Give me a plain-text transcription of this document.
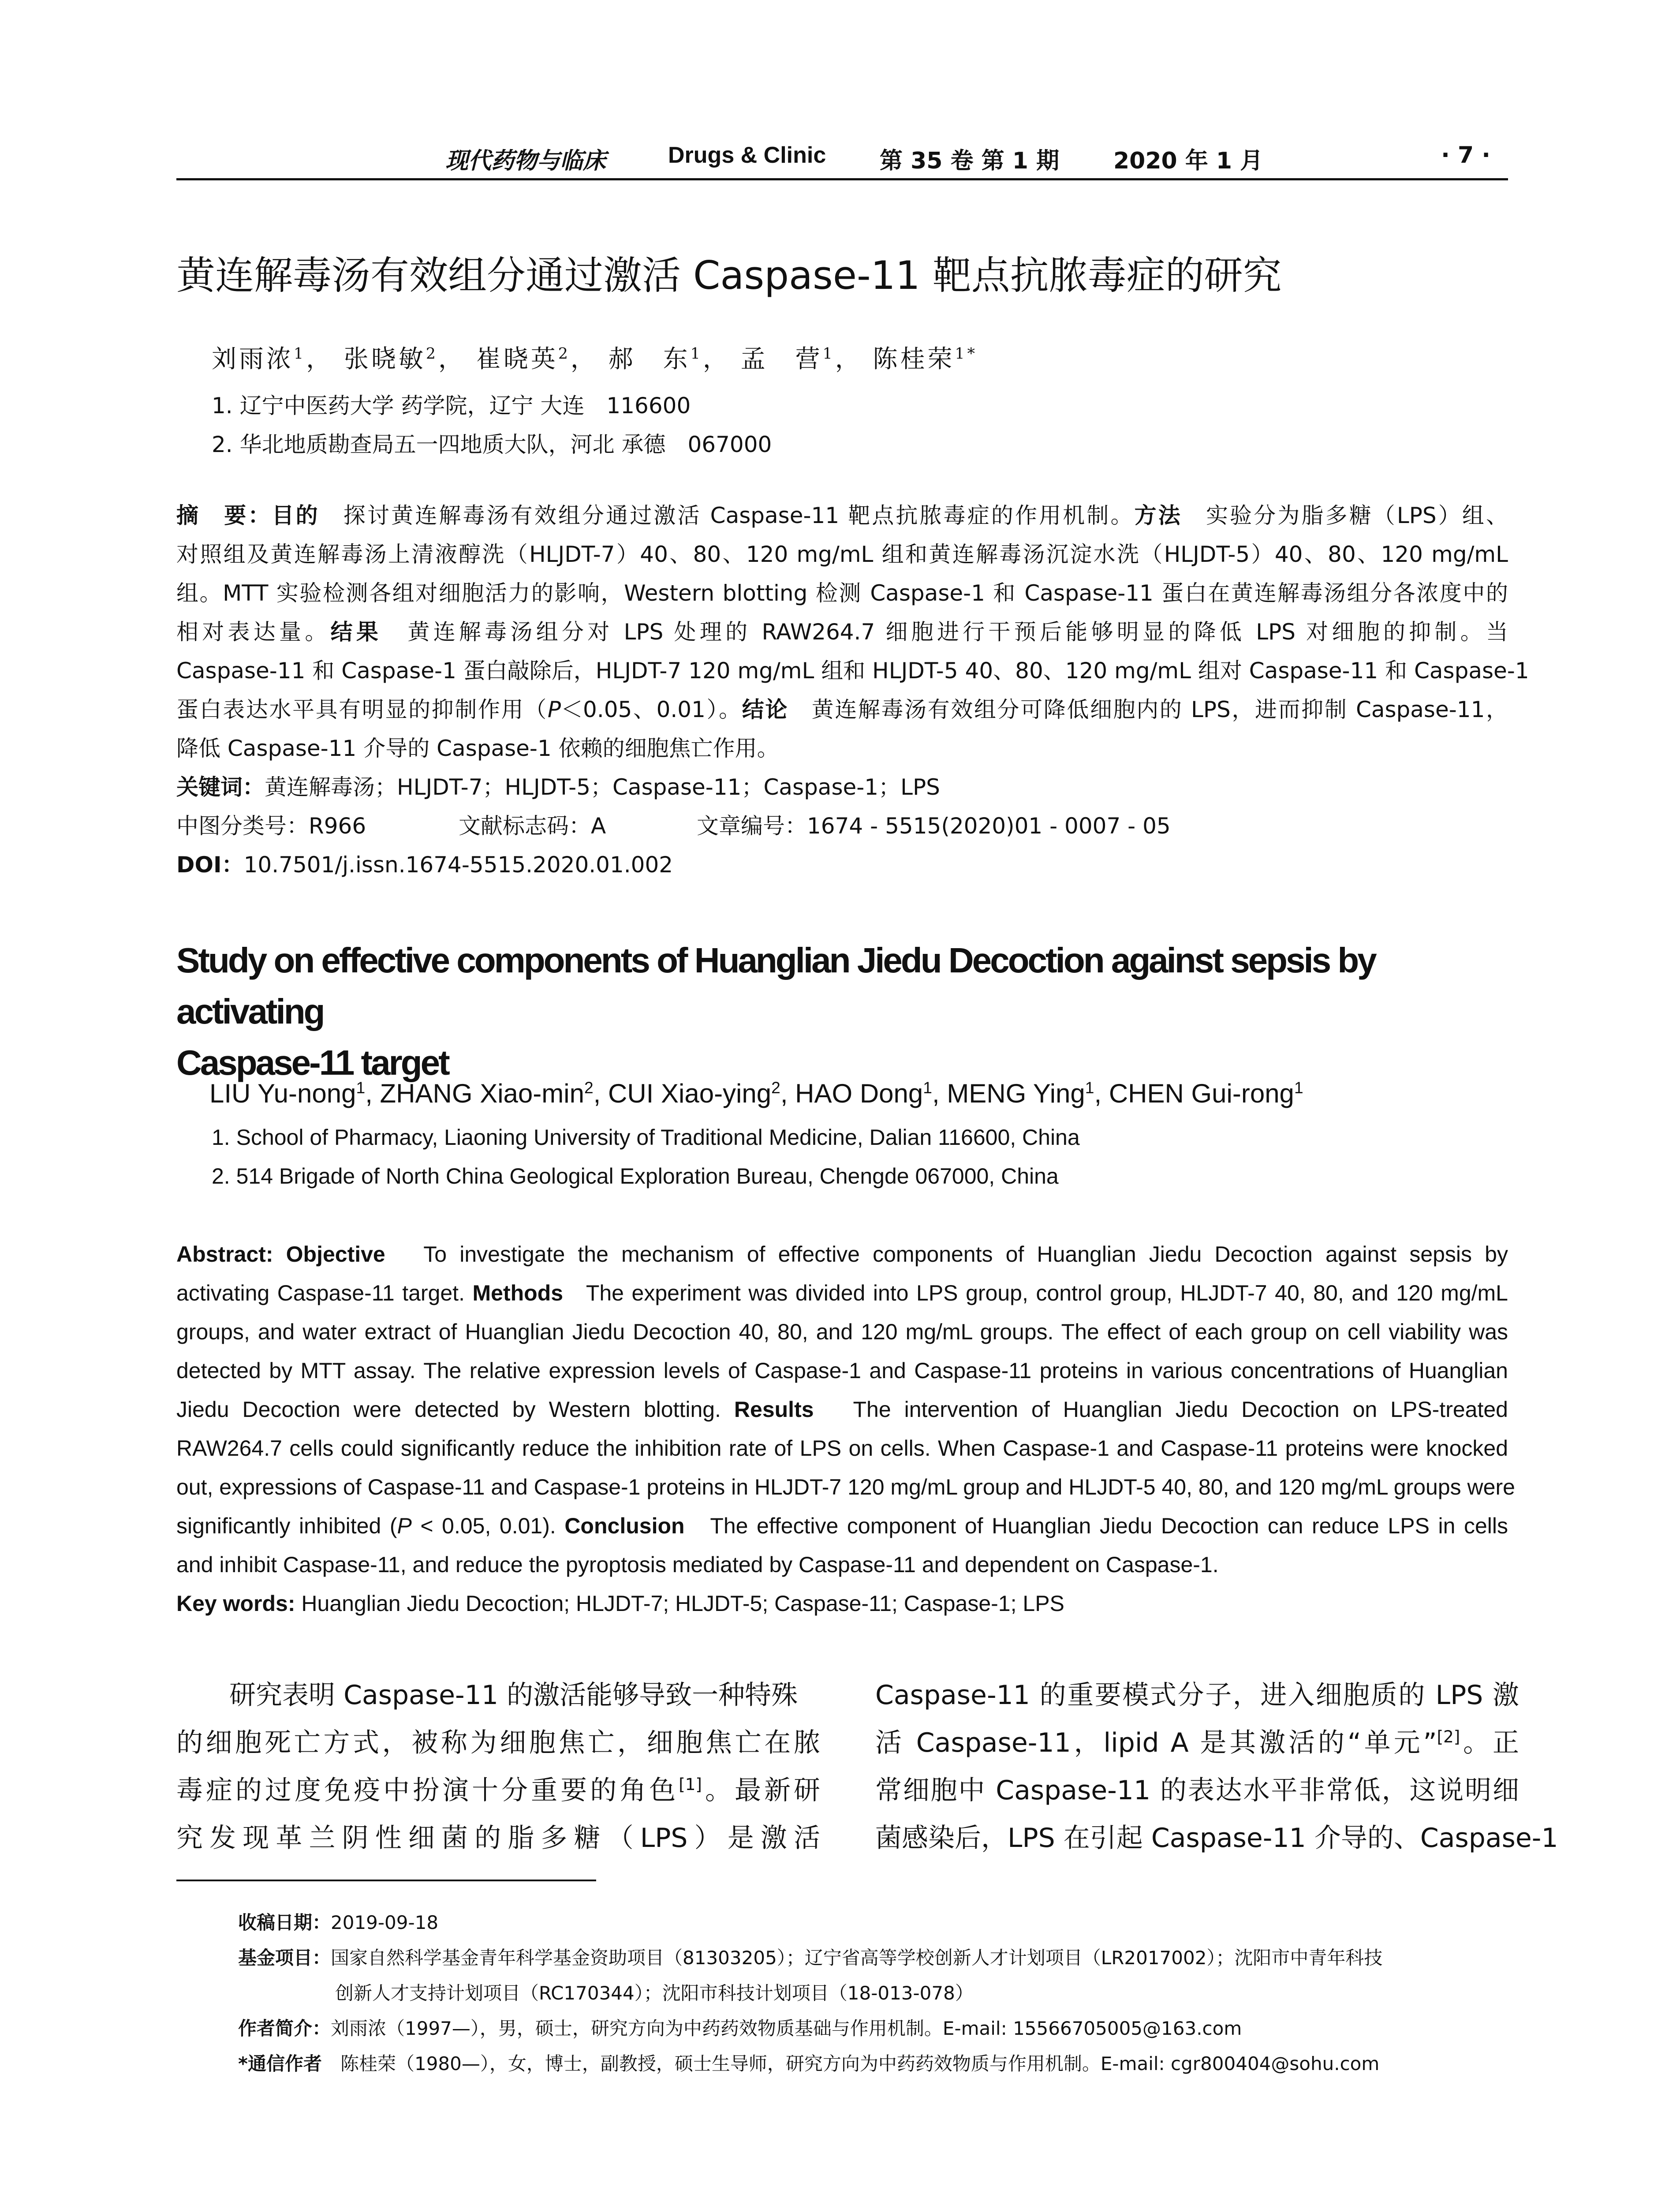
现代药物与临床	Drugs & Clinic 第 35 卷 第 1 期 2020 年 1 月	· 7 ·
黄连解毒汤有效组分通过激活 Caspase-11 靶点抗脓毒症的研究
刘雨浓$^1$， 张晓敏$^2$， 崔晓英$^2$， 郝　东$^1$， 孟　营$^1$， 陈桂荣$^{1*}$
1. 辽宁中医药大学 药学院，辽宁 大连　116600
2. 华北地质勘查局五一四地质大队，河北 承德　067000
摘　要：目的　 探讨黄连解毒汤有效组分通过激活 Caspase-11 靶点抗脓毒症的作用机制。方法　 实验分为脂多糖（LPS）组、
对照组及黄连解毒汤上清液醇洗（HLJDT-7）40、80、120 mg/mL 组和黄连解毒汤沉淀水洗（HLJDT-5）40、80、120 mg/mL
组。MTT 实验检测各组对细胞活力的影响，Western blotting 检测 Caspase-1 和 Caspase-11 蛋白在黄连解毒汤组分各浓度中的
相对表达量。结果　 黄连解毒汤组分对 LPS 处理的 RAW264.7 细胞进行干预后能够明显的降低 LPS 对细胞的抑制。当
Caspase-11 和 Caspase-1 蛋白敲除后，HLJDT-7 120 mg/mL 组和 HLJDT-5 40、80、120 mg/mL 组对 Caspase-11 和 Caspase-1
蛋白表达水平具有明显的抑制作用（P＜0.05、0.01）。结论　 黄连解毒汤有效组分可降低细胞内的 LPS，进而抑制 Caspase-11，
降低 Caspase-11 介导的 Caspase-1 依赖的细胞焦亡作用。
关键词：黄连解毒汤；HLJDT-7；HLJDT-5；Caspase-11；Caspase-1；LPS
中图分类号：R966	文献标志码：A	文章编号：1674 - 5515(2020)01 - 0007 - 05
DOI：10.7501/j.issn.1674-5515.2020.01.002
Study on effective components of Huanglian Jiedu Decoction against sepsis by activating
Caspase-11 target
LIU Yu-nong$^1$, ZHANG Xiao-$\min^2$, CUI Xiao-ying$^2$, HAO Dong$^1$, MENG Ying$^1$, CHEN Gui-rong$^1$
1. School of Pharmacy, Liaoning University of Traditional Medicine, Dalian 116600, China
2. 514 Brigade of North China Geological Exploration Bureau, Chengde 067000, China
Abstract: Objective To investigate the mechanism of effective components of Huanglian Jiedu Decoction against sepsis by
activating Caspase-11 target. Methods The experiment was divided into LPS group, control group, HLJDT-7 40, 80, and 120 mg/mL
groups, and water extract of Huanglian Jiedu Decoction 40, 80, and 120 mg/mL groups. The effect of each group on cell viability was
detected by MTT assay. The relative expression levels of Caspase-1 and Caspase-11 proteins in various concentrations of Huanglian
Jiedu Decoction were detected by Western blotting. Results The intervention of Huanglian Jiedu Decoction on LPS-treated
RAW264.7 cells could significantly reduce the inhibition rate of LPS on cells. When Caspase-1 and Caspase-11 proteins were knocked
out, expressions of Caspase-11 and Caspase-1 proteins in HLJDT-7 120 mg/mL group and HLJDT-5 40, 80, and 120 mg/mL groups were
significantly inhibited (P < 0.05, 0.01). Conclusion The effective component of Huanglian Jiedu Decoction can reduce LPS in cells
and inhibit Caspase-11, and reduce the pyroptosis mediated by Caspase-11 and dependent on Caspase-1.
Key words: Huanglian Jiedu Decoction; HLJDT-7; HLJDT-5; Caspase-11; Caspase-1; LPS
研究表明 Caspase-11 的激活能够导致一种特殊
的细胞死亡方式，被称为细胞焦亡，细胞焦亡在脓
毒症的过度免疫中扮演十分重要的角色[1]。最新研
究发现革兰阴性细菌的脂多糖（LPS）是激活
Caspase-11 的重要模式分子，进入细胞质的 LPS 激
活 Caspase-11，lipid A 是其激活的“单元”[2]。正
常细胞中 Caspase-11 的表达水平非常低，这说明细
菌感染后，LPS 在引起 Caspase-11 介导的、Caspase-1
收稿日期：2019-09-18
基金项目：国家自然科学基金青年科学基金资助项目（81303205）；辽宁省高等学校创新人才计划项目（LR2017002）；沈阳市中青年科技
创新人才支持计划项目（RC170344）；沈阳市科技计划项目（18-013-078）
作者简介：刘雨浓（1997—），男，硕士，研究方向为中药药效物质基础与作用机制。E-mail: 15566705005@163.com
*通信作者　 陈桂荣（1980—），女，博士，副教授，硕士生导师，研究方向为中药药效物质与作用机制。E-mail: cgr800404@sohu.com
